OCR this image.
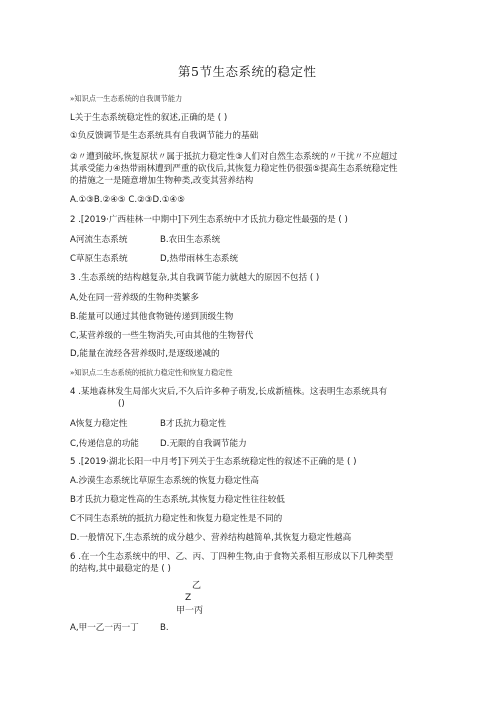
第5节生态系统的稳定性
»知识点一生态系统的自我调节能力
L关于生态系统稳定性的叙述,正确的是 ( )
①负反馈调节是生态系统具有自我调节能力的基础
②〃遭到破坏,恢复原状〃属于抵抗力稳定性③人们对自然生态系统的〃干扰〃不应超过
其承受能力④热带雨林遭到严重的砍伐后,其恢复力稳定性仍很强⑤提高生态系统稳定性
的措施之一是随意增加生物种类,改变其营养结构
A.①③B.②④⑤ C.②③D.①④⑤
2 .[2019·广西桂林一中期中]下列生态系统中才氐抗力稳定性最强的是 ( )
A河流生态系统	B.农田生态系统
C草原生态系统	D,热带雨林生态系统
3 .生态系统的结构越复杂,其自我调节能力就越大的原因不包括 ( )
A,处在同一营养级的生物种类繁多
B.能量可以通过其他食物链传递到顶级生物
C,某营养级的一些生物消失,可由其他的生物替代
D,能量在流经各营养级时,是逐级递减的
»知识点二生态系统的抵抗力稳定性和恢复力稳定性
4 .某地森林发生局部火灾后,不久后许多种子萌发,长成新植株。这表明生态系统具有
()
A恢复力稳定性	B才氐抗力稳定性
C,传递信息的功能 D.无限的自我调节能力
5 .[2019·湖北长阳一中月考]下列关于生态系统稳定性的叙述不正确的是 ( )
A.沙漠生态系统比草原生态系统的恢复力稳定性高
B才氐抗力稳定性高的生态系统,其恢复力稳定性往往较低
C不同生态系统的抵抗力稳定性和恢复力稳定性是不同的
D.一般情况下,生态系统的成分越少、营养结构越简单,其恢复力稳定性越高
6 .在一个生态系统中的甲、乙、丙、丁四种生物,由于食物关系相互形成以下几种类型
的结构,其中最稳定的是 ( )
乙
Z
甲一丙
A,甲一乙一丙一丁 B.
